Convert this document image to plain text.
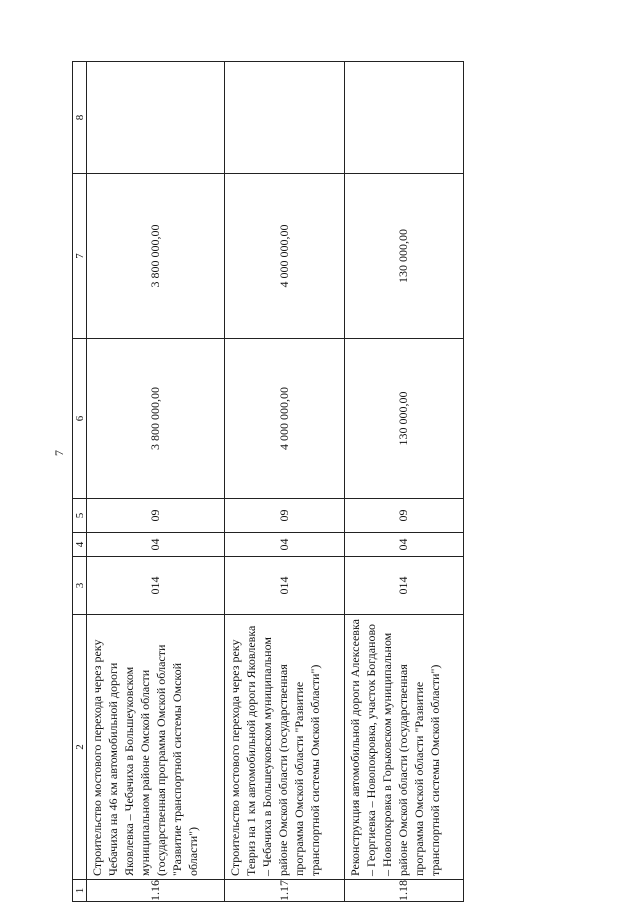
7
1	2	3	4	5	6	7	8
1.16	Строительство мостового перехода через реку Чебачиха на 46 км автомобильной дороги Яковлевка – Чебачиха в Большеуковском муниципальном районе Омской области (государственная программа Омской области "Развитие транспортной системы Омской области")	014	04	09	3 800 000,00	3 800 000,00	
1.17	Строительство мостового перехода через реку Тевриз на 1 км автомобильной дороги Яковлевка – Чебачиха в Большеуковском муниципальном районе Омской области (государственная программа Омской области "Развитие транспортной системы Омской области")	014	04	09	4 000 000,00	4 000 000,00	
1.18	Реконструкция автомобильной дороги Алексеевка – Георгиевка – Новопокровка, участок Богданово – Новопокровка в Горьковском муниципальном районе Омской области (государственная программа Омской области "Развитие транспортной системы Омской области")	014	04	09	130 000,00	130 000,00	
